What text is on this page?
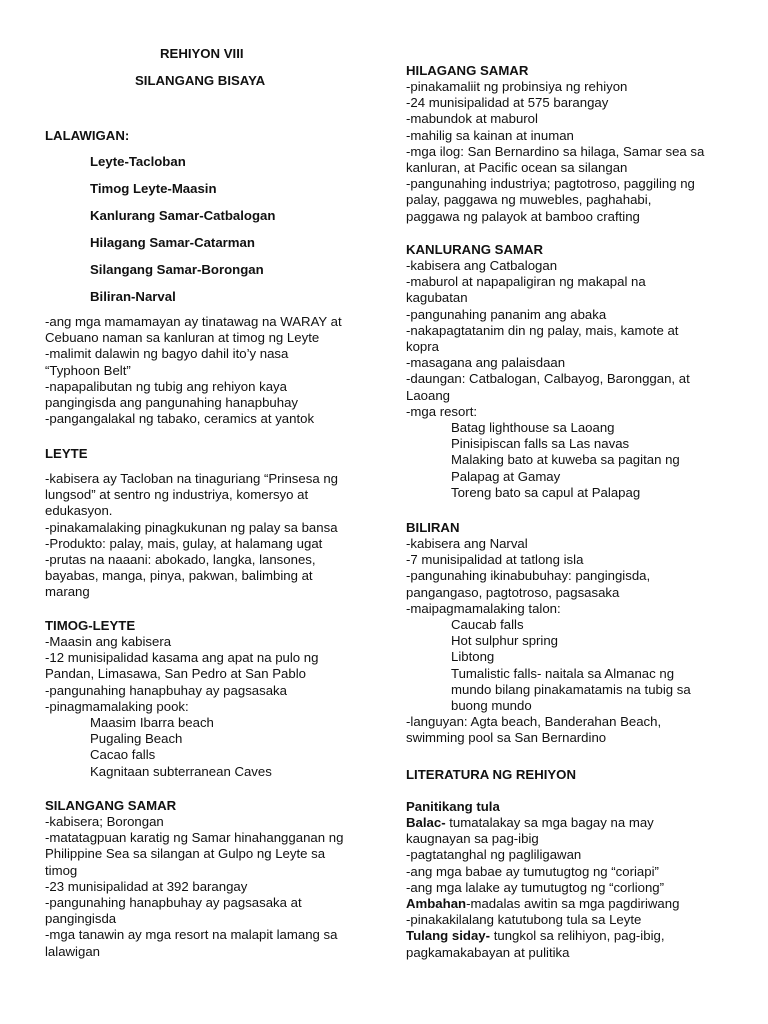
REHIYON VIII
SILANGANG BISAYA
LALAWIGAN:
Leyte-Tacloban
Timog Leyte-Maasin
Kanlurang Samar-Catbalogan
Hilagang Samar-Catarman
Silangang Samar-Borongan
Biliran-Narval
-ang mga mamamayan ay tinatawag na WARAY at
Cebuano naman sa kanluran at timog ng Leyte
-malimit dalawin ng bagyo dahil ito’y nasa
“Typhoon Belt”
-napapalibutan ng tubig ang rehiyon kaya
pangingisda ang pangunahing hanapbuhay
-pangangalakal ng tabako, ceramics at yantok
LEYTE
-kabisera ay Tacloban na tinaguriang “Prinsesa ng
lungsod” at sentro ng industriya, komersyo at
edukasyon.
-pinakamalaking pinagkukunan ng palay sa bansa
-Produkto: palay, mais, gulay, at halamang ugat
-prutas na naaani: abokado, langka, lansones,
bayabas, manga, pinya, pakwan, balimbing at
marang
TIMOG-LEYTE
-Maasin ang kabisera
-12 munisipalidad kasama ang apat na pulo ng
Pandan, Limasawa, San Pedro at San Pablo
-pangunahing hanapbuhay ay pagsasaka
-pinagmamalaking pook:
Maasim Ibarra beach
Pugaling Beach
Cacao falls
Kagnitaan subterranean Caves
SILANGANG SAMAR
-kabisera; Borongan
-matatagpuan karatig ng Samar hinahangganan ng
Philippine Sea sa silangan at Gulpo ng Leyte sa
timog
-23 munisipalidad at 392 barangay
-pangunahing hanapbuhay ay pagsasaka at
pangingisda
-mga tanawin ay mga resort na malapit lamang sa
lalawigan
HILAGANG SAMAR
-pinakamaliit ng probinsiya ng rehiyon
-24 munisipalidad at 575 barangay
-mabundok at maburol
-mahilig sa kainan at inuman
-mga ilog: San Bernardino sa hilaga, Samar sea sa
kanluran, at Pacific ocean sa silangan
-pangunahing industriya; pagtotroso, paggiling ng
palay, paggawa ng muwebles, paghahabi,
paggawa ng palayok at bamboo crafting
KANLURANG SAMAR
-kabisera ang Catbalogan
-maburol at napapaligiran ng makapal na
kagubatan
-pangunahing pananim ang abaka
-nakapagtatanim din ng palay, mais, kamote at
kopra
-masagana ang palaisdaan
-daungan: Catbalogan, Calbayog, Baronggan, at
Laoang
-mga resort:
Batag lighthouse sa Laoang
Pinisipiscan falls sa Las navas
Malaking bato at kuweba sa pagitan ng
Palapag at Gamay
Toreng bato sa capul at Palapag
BILIRAN
-kabisera ang Narval
-7 munisipalidad at tatlong isla
-pangunahing ikinabubuhay: pangingisda,
pangangaso, pagtotroso, pagsasaka
-maipagmamalaking talon:
Caucab falls
Hot sulphur spring
Libtong
Tumalistic falls- naitala sa Almanac ng
mundo bilang pinakamatamis na tubig sa
buong mundo
-languyan: Agta beach, Banderahan Beach,
swimming pool sa San Bernardino
LITERATURA NG REHIYON
Panitikang tula
Balac- tumatalakay sa mga bagay na may
kaugnayan sa pag-ibig
-pagtatanghal ng pagliligawan
-ang mga babae ay tumutugtog ng “coriapi”
-ang mga lalake ay tumutugtog ng “corliong”
Ambahan-madalas awitin sa mga pagdiriwang
-pinakakilalang katutubong tula sa Leyte
Tulang siday- tungkol sa relihiyon, pag-ibig,
pagkamakabayan at pulitika
